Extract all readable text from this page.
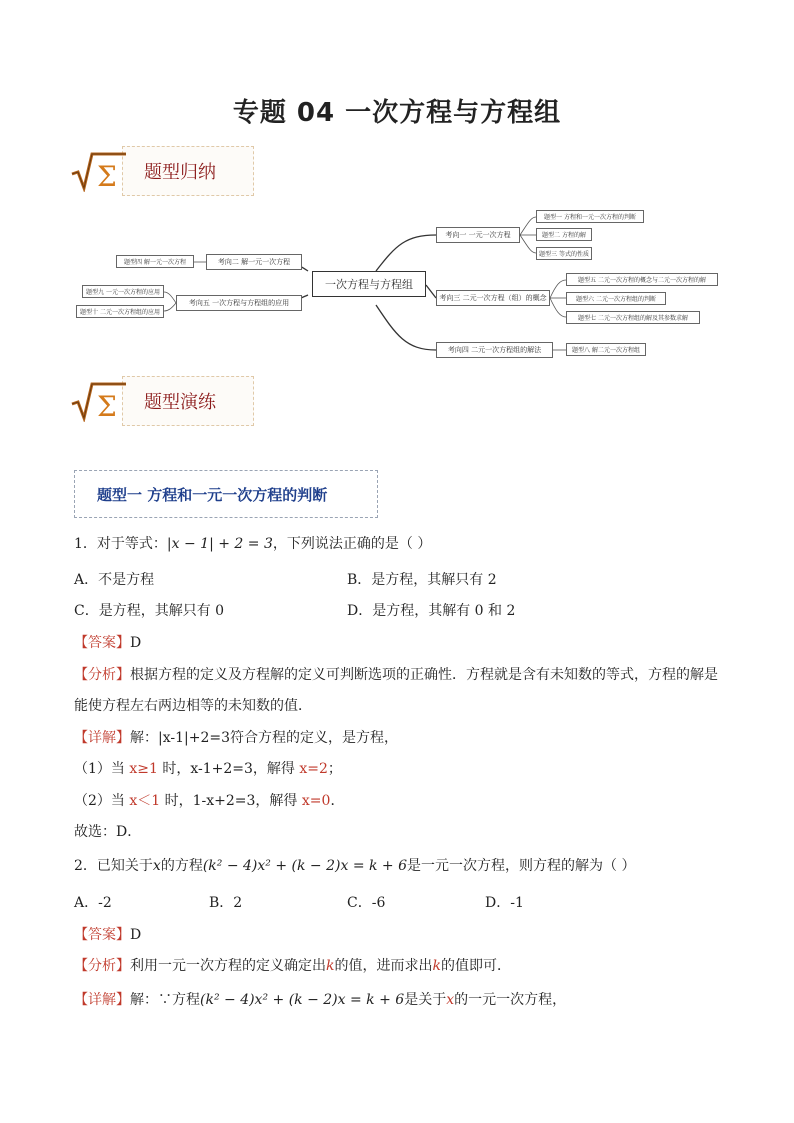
专题 04 一次方程与方程组
Σ 题型归纳
一次方程与方程组
考向一 一元一次方程
考向二 解一元一次方程
考向三 二元一次方程（组）的概念
考向四 二元一次方程组的解法
考向五 一次方程与方程组的应用
题型一 方程和一元一次方程的判断
题型二 方程的解
题型三 等式的性质
题型四 解一元一次方程
题型五 二元一次方程的概念与二元一次方程的解
题型六 二元一次方程组的判断
题型七 二元一次方程组的解及其参数求解
题型八 解二元一次方程组
题型九 一元一次方程的应用
题型十 二元一次方程组的应用
Σ 题型演练
题型一 方程和一元一次方程的判断
1．对于等式：|x − 1| + 2 = 3，下列说法正确的是（ ）
A．不是方程	B．是方程，其解只有 2
C．是方程，其解只有 0	D．是方程，其解有 0 和 2
【答案】D
【分析】根据方程的定义及方程解的定义可判断选项的正确性．方程就是含有未知数的等式，方程的解是
能使方程左右两边相等的未知数的值．
【详解】解：|x-1|+2=3符合方程的定义，是方程，
（1）当 x≥1 时，x-1+2=3，解得 x=2；
（2）当 x＜1 时，1-x+2=3，解得 x=0．
故选：D．
2．已知关于x的方程(k² − 4)x² + (k − 2)x = k + 6是一元一次方程，则方程的解为（ ）
A．-2	B．2	C．-6	D．-1
【答案】D
【分析】利用一元一次方程的定义确定出k的值，进而求出k的值即可．
【详解】解：∵方程(k² − 4)x² + (k − 2)x = k + 6是关于x的一元一次方程，
